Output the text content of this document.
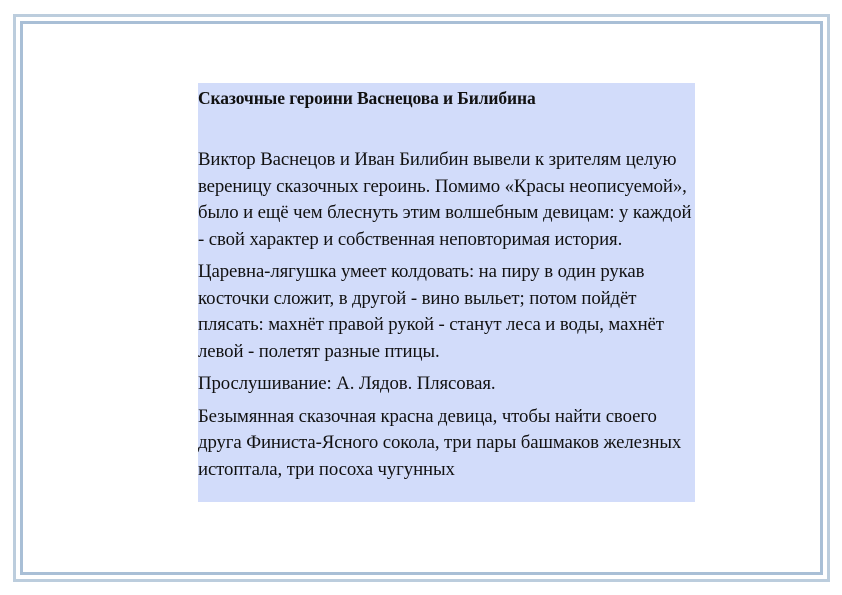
Сказочные героини Васнецова и Билибина

Виктор Васнецов и Иван Билибин вывели к зрителям целую вереницу сказочных героинь. Помимо «Красы неописуемой», было и ещё чем блеснуть этим волшебным девицам: у каждой - свой характер и собственная неповторимая история.

Царевна-лягушка умеет колдовать: на пиру в один рукав косточки сложит, в другой - вино выльет; потом пойдёт плясать: махнёт правой рукой - станут леса и воды, махнёт левой - полетят разные птицы.

Прослушивание: А. Лядов. Плясовая.

Безымянная сказочная красна девица, чтобы найти своего друга Финиста-Ясного сокола, три пары башмаков железных истоптала, три посоха чугунных
